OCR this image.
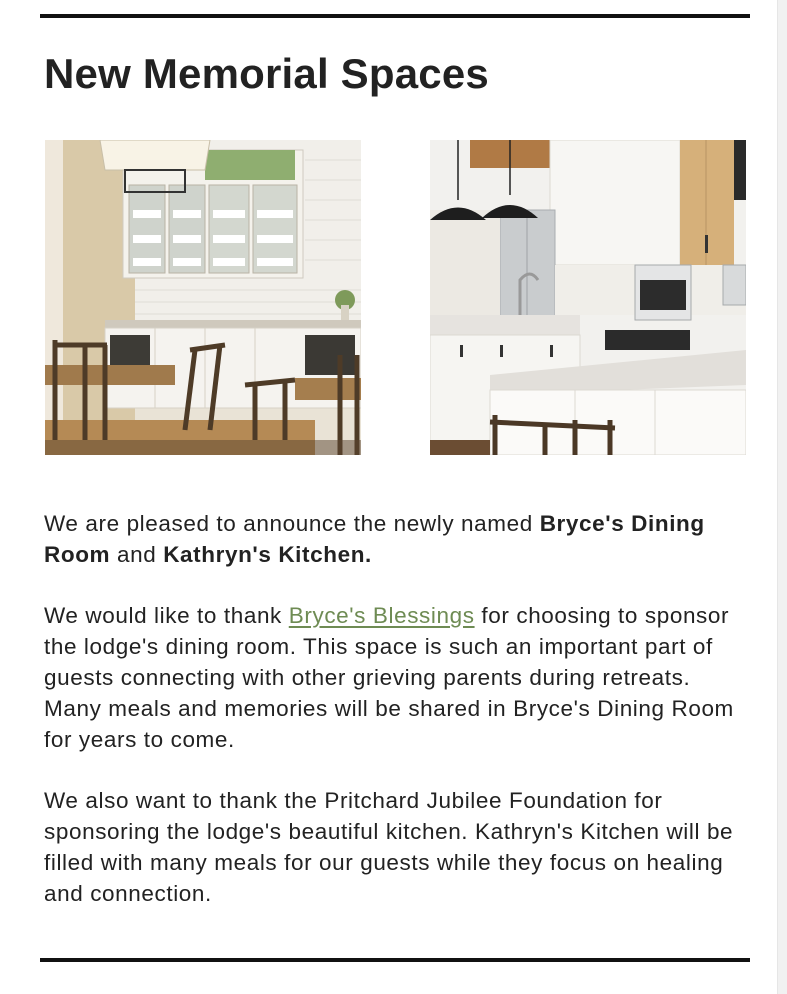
New Memorial Spaces

We are pleased to announce the newly named Bryce's Dining Room and Kathryn's Kitchen.

We would like to thank Bryce's Blessings for choosing to sponsor the lodge's dining room. This space is such an important part of guests connecting with other grieving parents during retreats. Many meals and memories will be shared in Bryce's Dining Room for years to come.

We also want to thank the Pritchard Jubilee Foundation for sponsoring the lodge's beautiful kitchen. Kathryn's Kitchen will be filled with many meals for our guests while they focus on healing and connection.
